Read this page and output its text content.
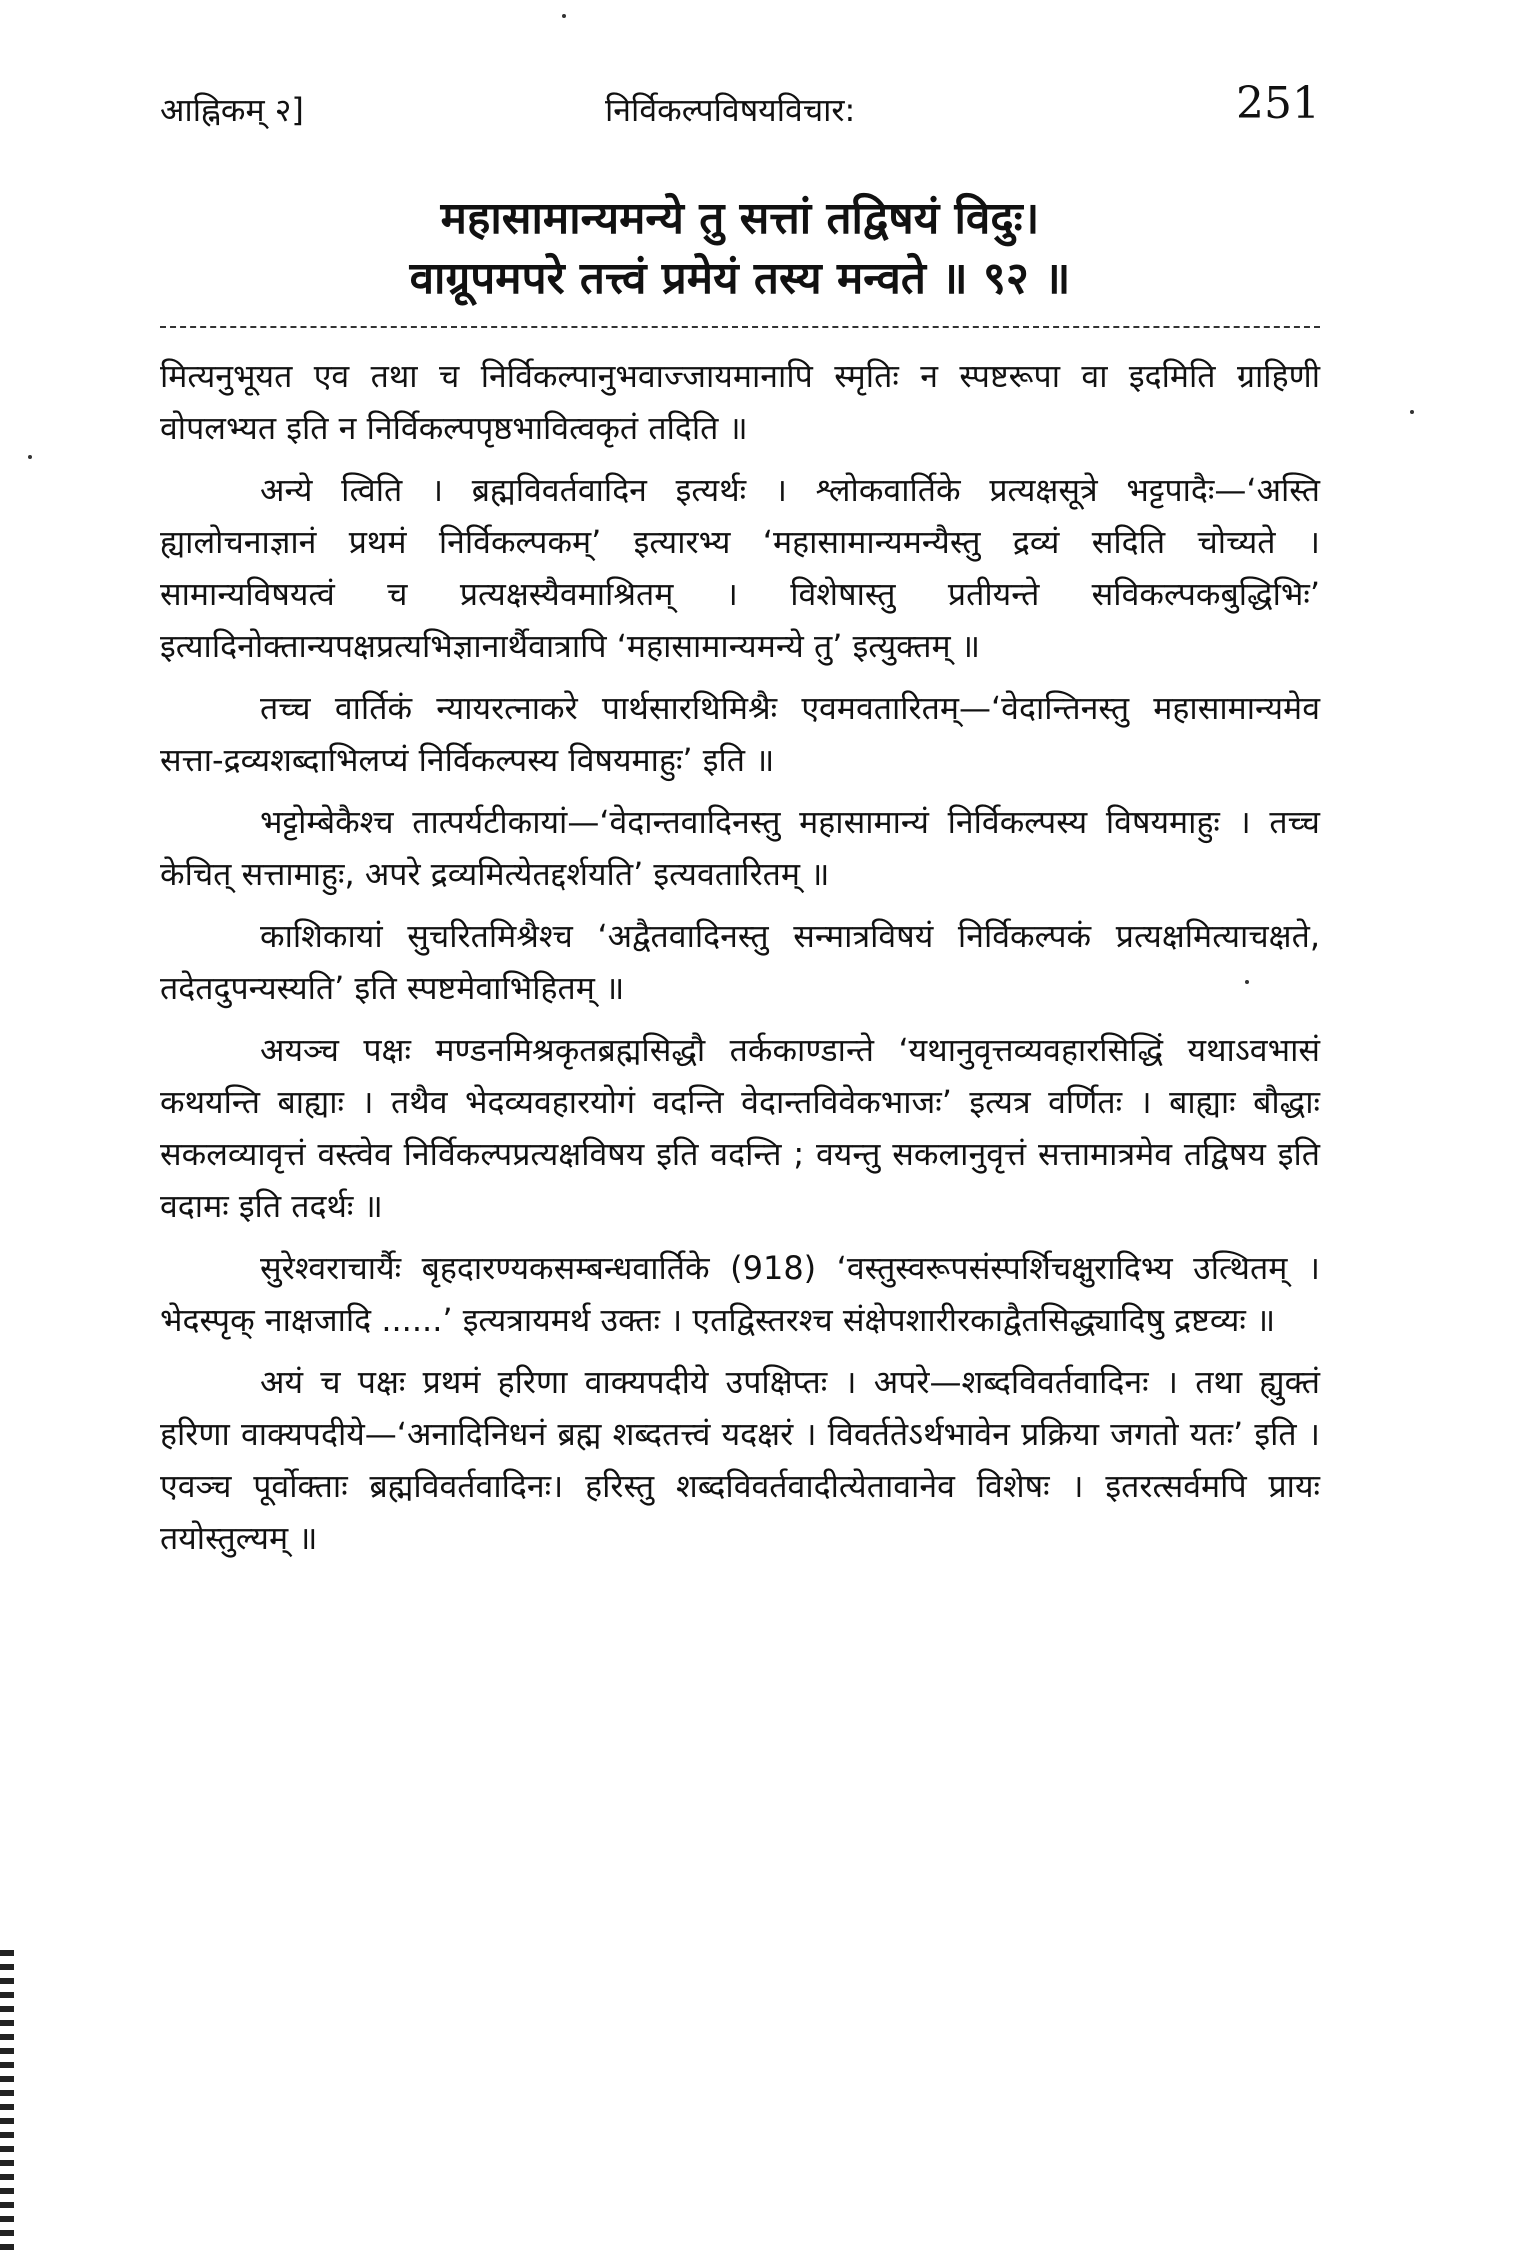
आह्निकम् २]	निर्विकल्पविषयविचार:	251
महासामान्यमन्ये तु सत्तां तद्विषयं विदुः।
वाग्रूपमपरे तत्त्वं प्रमेयं तस्य मन्वते ॥ ९२ ॥

मित्यनुभूयत एव तथा च निर्विकल्पानुभवाज्जायमानापि स्मृतिः न स्पष्टरूपा वा इदमिति ग्राहिणी वोपलभ्यत इति न निर्विकल्पपृष्ठभावित्वकृतं तदिति ॥

अन्ये त्विति । ब्रह्मविवर्तवादिन इत्यर्थः । श्लोकवार्तिके प्रत्यक्षसूत्रे भट्टपादैः—‘अस्ति ह्यालोचनाज्ञानं प्रथमं निर्विकल्पकम्’ इत्यारभ्य ‘महासामान्यमन्यैस्तु द्रव्यं सदिति चोच्यते । सामान्यविषयत्वं च प्रत्यक्षस्यैवमाश्रितम् । विशेषास्तु प्रतीयन्ते सविकल्पकबुद्धिभिः’ इत्यादिनोक्तान्यपक्षप्रत्यभिज्ञानार्थैवात्रापि ‘महासामान्यमन्ये तु’ इत्युक्तम् ॥

तच्च वार्तिकं न्यायरत्नाकरे पार्थसारथिमिश्रैः एवमवतारितम्—‘वेदान्तिनस्तु महासामान्यमेव सत्ता-द्रव्यशब्दाभिलप्यं निर्विकल्पस्य विषयमाहुः’ इति ॥

भट्टोम्बेकैश्च तात्पर्यटीकायां—‘वेदान्तवादिनस्तु महासामान्यं निर्विकल्पस्य विषयमाहुः । तच्च केचित् सत्तामाहुः, अपरे द्रव्यमित्येतद्दर्शयति’ इत्यवतारितम् ॥

काशिकायां सुचरितमिश्रैश्च ‘अद्वैतवादिनस्तु सन्मात्रविषयं निर्विकल्पकं प्रत्यक्षमित्याचक्षते, तदेतदुपन्यस्यति’ इति स्पष्टमेवाभिहितम् ॥

अयञ्च पक्षः मण्डनमिश्रकृतब्रह्मसिद्धौ तर्ककाण्डान्ते ‘यथानुवृत्तव्यवहारसिद्धिं यथाऽवभासं कथयन्ति बाह्याः । तथैव भेदव्यवहारयोगं वदन्ति वेदान्तविवेकभाजः’ इत्यत्र वर्णितः । बाह्याः बौद्धाः सकलव्यावृत्तं वस्त्वेव निर्विकल्पप्रत्यक्षविषय इति वदन्ति ; वयन्तु सकलानुवृत्तं सत्तामात्रमेव तद्विषय इति वदामः इति तदर्थः ॥

सुरेश्वराचार्यैः बृहदारण्यकसम्बन्धवार्तिके (918) ‘वस्तुस्वरूपसंस्पर्शिचक्षुरादिभ्य उत्थितम् । भेदस्पृक् नाक्षजादि ......’ इत्यत्रायमर्थ उक्तः । एतद्विस्तरश्च संक्षेपशारीरकाद्वैतसिद्ध्यादिषु द्रष्टव्यः ॥

अयं च पक्षः प्रथमं हरिणा वाक्यपदीये उपक्षिप्तः । अपरे—शब्दविवर्तवादिनः । तथा ह्युक्तं हरिणा वाक्यपदीये—‘अनादिनिधनं ब्रह्म शब्दतत्त्वं यदक्षरं । विवर्ततेऽर्थभावेन प्रक्रिया जगतो यतः’ इति । एवञ्च पूर्वोक्ताः ब्रह्मविवर्तवादिनः। हरिस्तु शब्दविवर्तवादीत्येतावानेव विशेषः । इतरत्सर्वमपि प्रायः तयोस्तुल्यम् ॥
